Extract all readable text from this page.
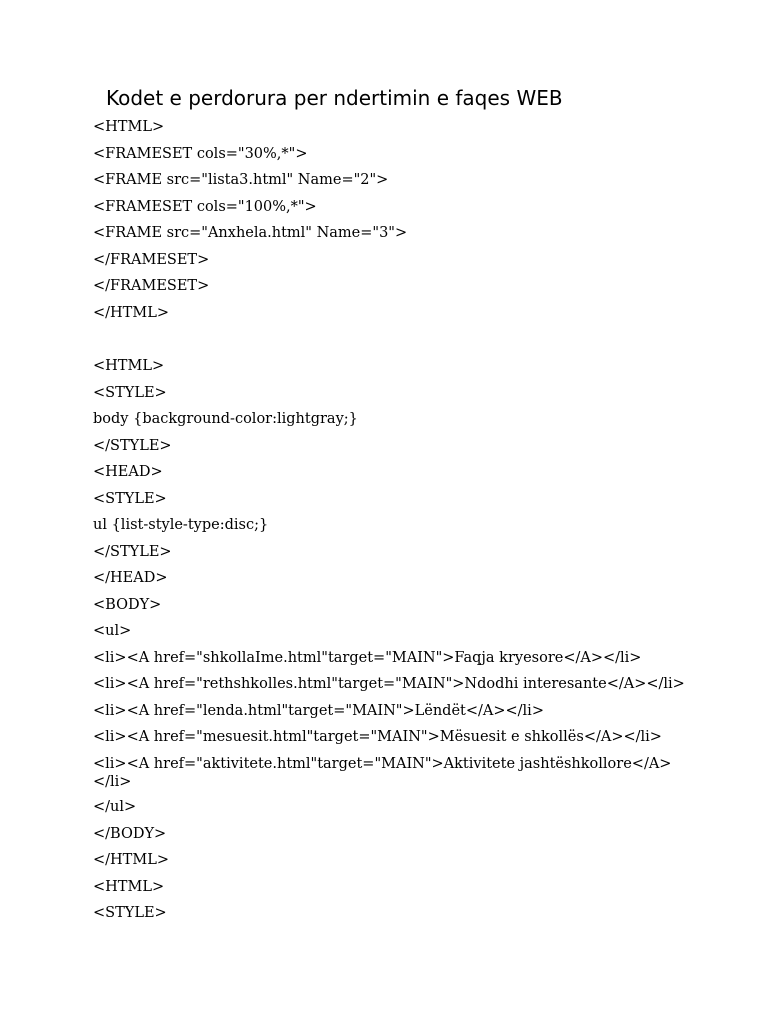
Kodet e perdorura per ndertimin e faqes WEB
<HTML>
<FRAMESET cols="30%,*">
<FRAME src="lista3.html" Name="2">
<FRAMESET cols="100%,*">
<FRAME src="Anxhela.html" Name="3">
</FRAMESET>
</FRAMESET>
</HTML>
<HTML>
<STYLE>
body {background-color:lightgray;}
</STYLE>
<HEAD>
<STYLE>
ul {list-style-type:disc;}
</STYLE>
</HEAD>
<BODY>
<ul>
<li><A href="shkollaIme.html"target="MAIN">Faqja kryesore</A></li>
<li><A href="rethshkolles.html"target="MAIN">Ndodhi interesante</A></li>
<li><A href="lenda.html"target="MAIN">Lëndët</A></li>
<li><A href="mesuesit.html"target="MAIN">Mësuesit e shkollës</A></li>
<li><A href="aktivitete.html"target="MAIN">Aktivitete jashtëshkollore</A></li>
</ul>
</BODY>
</HTML>
<HTML>
<STYLE>
